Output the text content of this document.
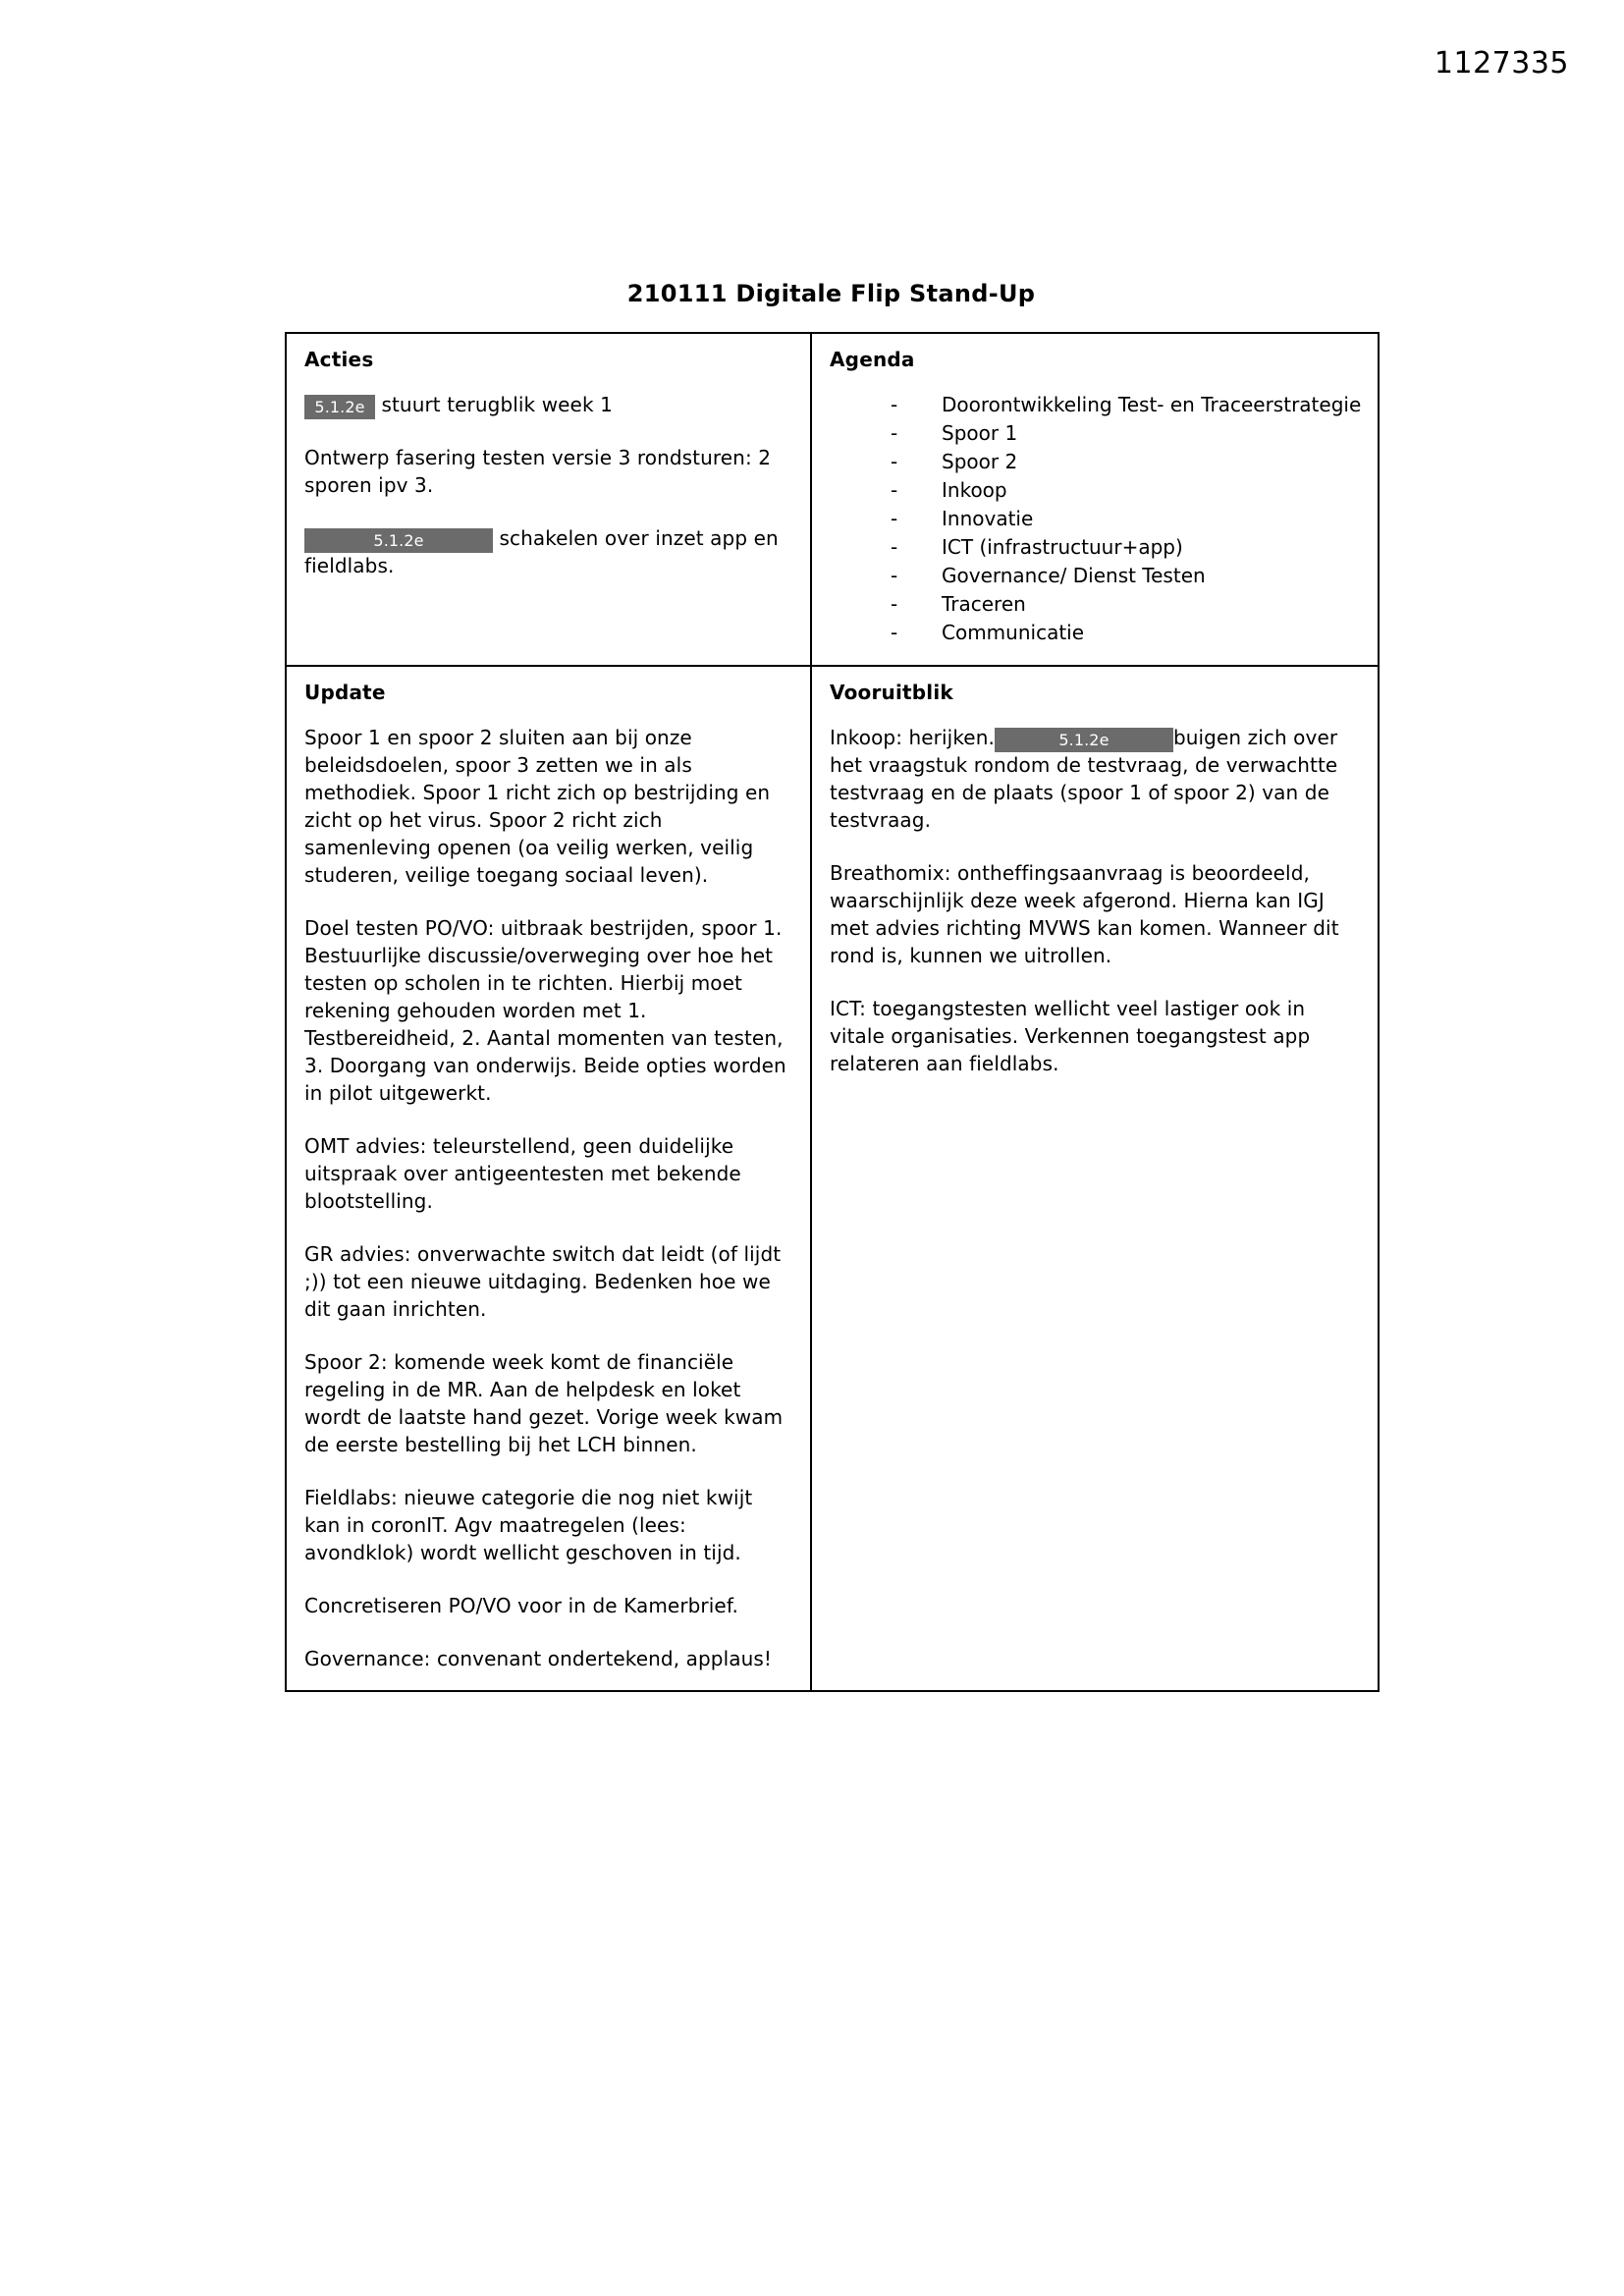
1127335
210111 Digitale Flip Stand-Up
Acties

5.1.2e stuurt terugblik week 1

Ontwerp fasering testen versie 3 rondsturen: 2 sporen ipv 3.

5.1.2e	schakelen over inzet app en fieldlabs.

Agenda
- Doorontwikkeling Test- en Traceerstrategie
- Spoor 1
- Spoor 2
- Inkoop
- Innovatie
- ICT (infrastructuur+app)
- Governance/ Dienst Testen
- Traceren
- Communicatie

Update

Spoor 1 en spoor 2 sluiten aan bij onze beleidsdoelen, spoor 3 zetten we in als methodiek. Spoor 1 richt zich op bestrijding en zicht op het virus. Spoor 2 richt zich samenleving openen (oa veilig werken, veilig studeren, veilige toegang sociaal leven).

Doel testen PO/VO: uitbraak bestrijden, spoor 1. Bestuurlijke discussie/overweging over hoe het testen op scholen in te richten. Hierbij moet rekening gehouden worden met 1. Testbereidheid, 2. Aantal momenten van testen, 3. Doorgang van onderwijs. Beide opties worden in pilot uitgewerkt.

OMT advies: teleurstellend, geen duidelijke uitspraak over antigeentesten met bekende blootstelling.

GR advies: onverwachte switch dat leidt (of lijdt ;)) tot een nieuwe uitdaging. Bedenken hoe we dit gaan inrichten.

Spoor 2: komende week komt de financiële regeling in de MR. Aan de helpdesk en loket wordt de laatste hand gezet. Vorige week kwam de eerste bestelling bij het LCH binnen.

Fieldlabs: nieuwe categorie die nog niet kwijt kan in coronIT. Agv maatregelen (lees: avondklok) wordt wellicht geschoven in tijd.

Concretiseren PO/VO voor in de Kamerbrief.

Governance: convenant ondertekend, applaus!

Vooruitblik

Inkoop: herijken.	5.1.2e	buigen zich over het vraagstuk rondom de testvraag, de verwachtte testvraag en de plaats (spoor 1 of spoor 2) van de testvraag.

Breathomix: ontheffingsaanvraag is beoordeeld, waarschijnlijk deze week afgerond. Hierna kan IGJ met advies richting MVWS kan komen. Wanneer dit rond is, kunnen we uitrollen.

ICT: toegangstesten wellicht veel lastiger ook in vitale organisaties. Verkennen toegangstest app relateren aan fieldlabs.
